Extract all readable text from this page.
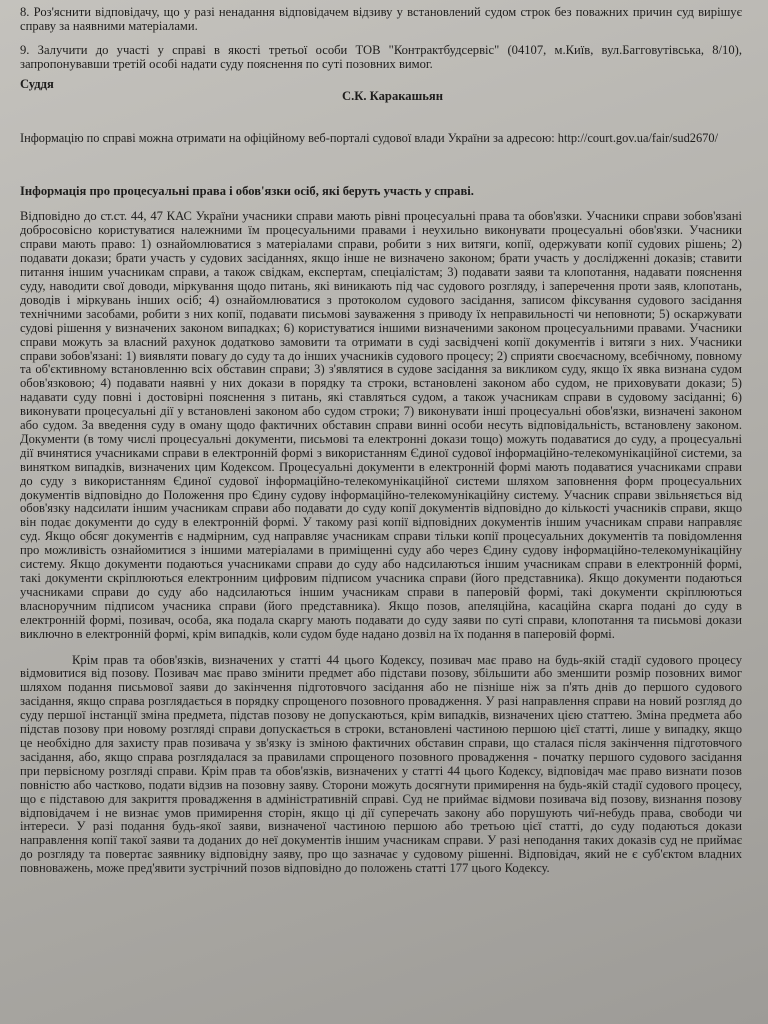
8. Роз'яснити відповідачу, що у разі ненадання відповідачем відзиву у встановлений судом строк без поважних причин суд вирішує справу за наявними матеріалами.

9. Залучити до участі у справі в якості третьої особи ТОВ "Контрактбудсервіс" (04107, м.Київ, вул.Багговутівська, 8/10), запропонувавши третій особі надати суду пояснення по суті позовних вимог.

Суддя
С.К. Каракашьян

Інформацію по справі можна отримати на офіційному веб-порталі судової влади України за адресою: http://court.gov.ua/fair/sud2670/

Інформація про процесуальні права і обов'язки осіб, які беруть участь у справі.

Відповідно до ст.ст. 44, 47 КАС України учасники справи мають рівні процесуальні права та обов'язки. Учасники справи зобов'язані добросовісно користуватися належними їм процесуальними правами і неухильно виконувати процесуальні обов'язки. Учасники справи мають право: 1) ознайомлюватися з матеріалами справи, робити з них витяги, копії, одержувати копії судових рішень; 2) подавати докази; брати участь у судових засіданнях, якщо інше не визначено законом; брати участь у дослідженні доказів; ставити питання іншим учасникам справи, а також свідкам, експертам, спеціалістам; 3) подавати заяви та клопотання, надавати пояснення суду, наводити свої доводи, міркування щодо питань, які виникають під час судового розгляду, і заперечення проти заяв, клопотань, доводів і міркувань інших осіб; 4) ознайомлюватися з протоколом судового засідання, записом фіксування судового засідання технічними засобами, робити з них копії, подавати письмові зауваження з приводу їх неправильності чи неповноти; 5) оскаржувати судові рішення у визначених законом випадках; 6) користуватися іншими визначеними законом процесуальними правами. Учасники справи можуть за власний рахунок додатково замовити та отримати в суді засвідчені копії документів і витяги з них. Учасники справи зобов'язані: 1) виявляти повагу до суду та до інших учасників судового процесу; 2) сприяти своєчасному, всебічному, повному та об'єктивному встановленню всіх обставин справи; 3) з'являтися в судове засідання за викликом суду, якщо їх явка визнана судом обов'язковою; 4) подавати наявні у них докази в порядку та строки, встановлені законом або судом, не приховувати докази; 5) надавати суду повні і достовірні пояснення з питань, які ставляться судом, а також учасникам справи в судовому засіданні; 6) виконувати процесуальні дії у встановлені законом або судом строки; 7) виконувати інші процесуальні обов'язки, визначені законом або судом. За введення суду в оману щодо фактичних обставин справи винні особи несуть відповідальність, встановлену законом. Документи (в тому числі процесуальні документи, письмові та електронні докази тощо) можуть подаватися до суду, а процесуальні дії вчинятися учасниками справи в електронній формі з використанням Єдиної судової інформаційно-телекомунікаційної системи, за винятком випадків, визначених цим Кодексом. Процесуальні документи в електронній формі мають подаватися учасниками справи до суду з використанням Єдиної судової інформаційно-телекомунікаційної системи шляхом заповнення форм процесуальних документів відповідно до Положення про Єдину судову інформаційно-телекомунікаційну систему. Учасник справи звільняється від обов'язку надсилати іншим учасникам справи або подавати до суду копії документів відповідно до кількості учасників справи, якщо він подає документи до суду в електронній формі. У такому разі копії відповідних документів іншим учасникам справи направляє суд. Якщо обсяг документів є надмірним, суд направляє учасникам справи тільки копії процесуальних документів та повідомлення про можливість ознайомитися з іншими матеріалами в приміщенні суду або через Єдину судову інформаційно-телекомунікаційну систему. Якщо документи подаються учасниками справи до суду або надсилаються іншим учасникам справи в електронній формі, такі документи скріплюються електронним цифровим підписом учасника справи (його представника). Якщо документи подаються учасниками справи до суду або надсилаються іншим учасникам справи в паперовій формі, такі документи скріплюються власноручним підписом учасника справи (його представника). Якщо позов, апеляційна, касаційна скарга подані до суду в електронній формі, позивач, особа, яка подала скаргу мають подавати до суду заяви по суті справи, клопотання та письмові докази виключно в електронній формі, крім випадків, коли судом буде надано дозвіл на їх подання в паперовій формі.

Крім прав та обов'язків, визначених у статті 44 цього Кодексу, позивач має право на будь-якій стадії судового процесу відмовитися від позову. Позивач має право змінити предмет або підстави позову, збільшити або зменшити розмір позовних вимог шляхом подання письмової заяви до закінчення підготовчого засідання або не пізніше ніж за п'ять днів до першого судового засідання, якщо справа розглядається в порядку спрощеного позовного провадження. У разі направлення справи на новий розгляд до суду першої інстанції зміна предмета, підстав позову не допускаються, крім випадків, визначених цією статтею. Зміна предмета або підстав позову при новому розгляді справи допускається в строки, встановлені частиною першою цієї статті, лише у випадку, якщо це необхідно для захисту прав позивача у зв'язку із зміною фактичних обставин справи, що сталася після закінчення підготовчого засідання, або, якщо справа розглядалася за правилами спрощеного позовного провадження - початку першого судового засідання при первісному розгляді справи. Крім прав та обов'язків, визначених у статті 44 цього Кодексу, відповідач має право визнати позов повністю або частково, подати відзив на позовну заяву. Сторони можуть досягнути примирення на будь-якій стадії судового процесу, що є підставою для закриття провадження в адміністративній справі. Суд не приймає відмови позивача від позову, визнання позову відповідачем і не визнає умов примирення сторін, якщо ці дії суперечать закону або порушують чиї-небудь права, свободи чи інтереси. У разі подання будь-якої заяви, визначеної частиною першою або третьою цієї статті, до суду подаються докази направлення копії такої заяви та доданих до неї документів іншим учасникам справи. У разі неподання таких доказів суд не приймає до розгляду та повертає заявнику відповідну заяву, про що зазначає у судовому рішенні. Відповідач, який не є суб'єктом владних повноважень, може пред'явити зустрічний позов відповідно до положень статті 177 цього Кодексу.
